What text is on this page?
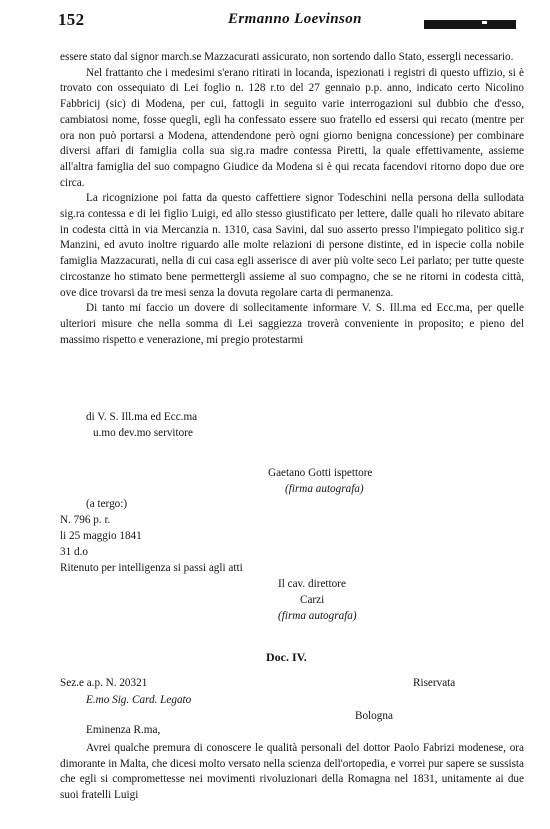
152	Ermanno Loevinson

essere stato dal signor march.se Mazzacurati assicurato, non sortendo dallo Stato, essergli necessario.

Nel frattanto che i medesimi s'erano ritirati in locanda, ispezionati i registri di questo uffizio, si è trovato con ossequiato di Lei foglio n. 128 r.to del 27 gennaio p.p. anno, indicato certo Nicolino Fabbricij (sic) di Modena, per cui, fattogli in seguito varie interrogazioni sul dubbio che d'esso, cambiatosi nome, fosse quegli, egli ha confessato essere suo fratello ed essersi qui recato (mentre per ora non può portarsi a Modena, attendendone però ogni giorno benigna concessione) per combinare diversi affari di famiglia colla sua sig.ra madre contessa Piretti, la quale effettivamente, assieme all'altra famiglia del suo compagno Giudice da Modena si è qui recata facendovi ritorno dopo due ore circa.

La ricognizione poi fatta da questo caffettiere signor Todeschini nella persona della sullodata sig.ra contessa e di lei figlio Luigi, ed allo stesso giustificato per lettere, dalle quali ho rilevato abitare in codesta città in via Mercanzia n. 1310, casa Savini, dal suo asserto presso l'impiegato politico sig.r Manzini, ed avuto inoltre riguardo alle molte relazioni di persone distinte, ed in ispecie colla nobile famiglia Mazzacurati, nella di cui casa egli asserisce di aver più volte seco Lei parlato; per tutte queste circostanze ho stimato bene permettergli assieme al suo compagno, che se ne ritorni in codesta città, ove dice trovarsi da tre mesi senza la dovuta regolare carta di permanenza.

Di tanto mi faccio un dovere di sollecitamente informare V. S. Ill.ma ed Ecc.ma, per quelle ulteriori misure che nella somma di Lei saggiezza troverà conveniente in proposito; e pieno del massimo rispetto e venerazione, mi pregio protestarmi

di V. S. Ill.ma ed Ecc.ma
u.mo dev.mo servitore
Gaetano Gotti ispettore
(firma autografa)
(a tergo:)
N. 796 p. r.
li 25 maggio 1841
31 d.o
Ritenuto per intelligenza si passi agli atti
Il cav. direttore
Carzi
(firma autografa)
Doc. IV.
Sez.e a.p. N. 20321	Riservata
E.mo Sig. Card. Legato
Bologna
Eminenza R.ma,

Avrei qualche premura di conoscere le qualità personali del dottor Paolo Fabrizi modenese, ora dimorante in Malta, che dicesi molto versato nella scienza dell'ortopedia, e vorrei pur sapere se sussista che egli si compromettesse nei movimenti rivoluzionari della Romagna nel 1831, unitamente ai due suoi fratelli Luigi
